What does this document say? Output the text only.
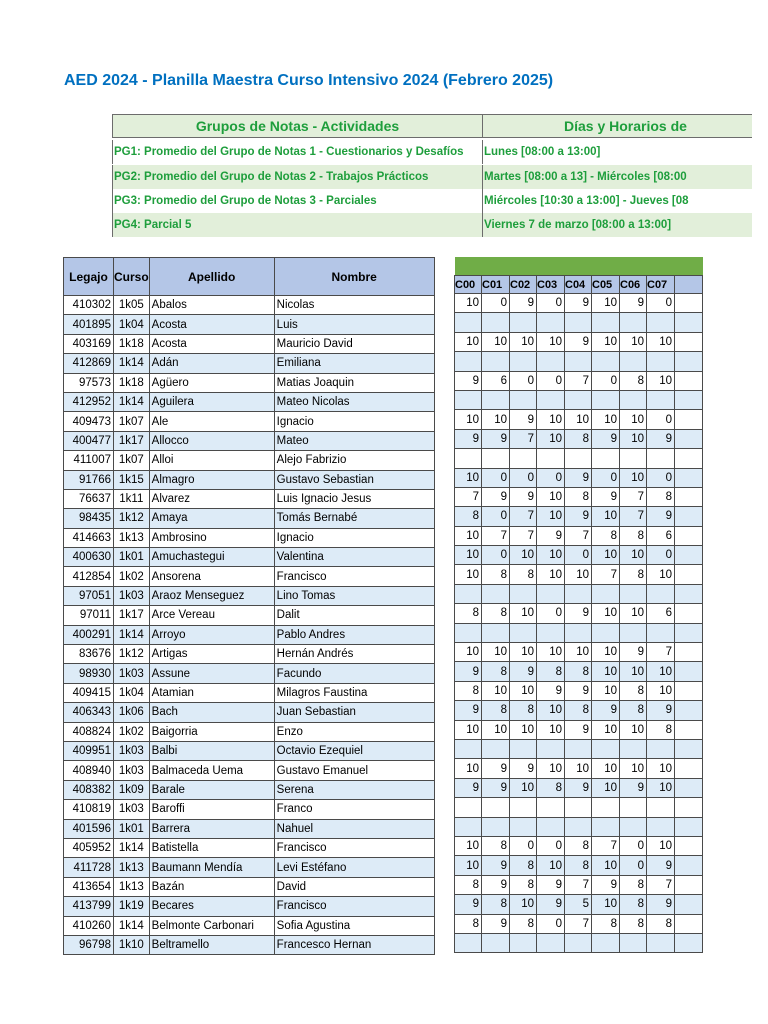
AED 2024 - Planilla Maestra Curso Intensivo 2024 (Febrero 2025)
Grupos de Notas - Actividades	Días y Horarios de
PG1: Promedio del Grupo de Notas 1 - Cuestionarios y Desafíos	Lunes [08:00 a 13:00]
PG2: Promedio del Grupo de Notas 2 - Trabajos Prácticos	Martes [08:00 a 13] - Miércoles [08:00
PG3: Promedio del Grupo de Notas 3 - Parciales	Miércoles [10:30 a 13:00] - Jueves [08
PG4: Parcial 5	Viernes 7 de marzo [08:00 a 13:00]
Legajo	Curso	Apellido	Nombre
410302	1k05	Abalos	Nicolas
401895	1k04	Acosta	Luis
403169	1k18	Acosta	Mauricio David
412869	1k14	Adán	Emiliana
97573	1k18	Agüero	Matias Joaquin
412952	1k14	Aguilera	Mateo Nicolas
409473	1k07	Ale	Ignacio
400477	1k17	Allocco	Mateo
411007	1k07	Alloi	Alejo Fabrizio
91766	1k15	Almagro	Gustavo Sebastian
76637	1k11	Alvarez	Luis Ignacio Jesus
98435	1k12	Amaya	Tomás Bernabé
414663	1k13	Ambrosino	Ignacio
400630	1k01	Amuchastegui	Valentina
412854	1k02	Ansorena	Francisco
97051	1k03	Araoz Menseguez	Lino Tomas
97011	1k17	Arce Vereau	Dalit
400291	1k14	Arroyo	Pablo Andres
83676	1k12	Artigas	Hernán Andrés
98930	1k03	Assune	Facundo
409415	1k04	Atamian	Milagros Faustina
406343	1k06	Bach	Juan Sebastian
408824	1k02	Baigorria	Enzo
409951	1k03	Balbi	Octavio Ezequiel
408940	1k03	Balmaceda Uema	Gustavo Emanuel
408382	1k09	Barale	Serena
410819	1k03	Baroffi	Franco
401596	1k01	Barrera	Nahuel
405952	1k14	Batistella	Francisco
411728	1k13	Baumann Mendía	Levi Estéfano
413654	1k13	Bazán	David
413799	1k19	Becares	Francisco
410260	1k14	Belmonte Carbonari	Sofia Agustina
96798	1k10	Beltramello	Francesco Hernan

C00	C01	C02	C03	C04	C05	C06	C07	
10	0	9	0	9	10	9	0	

10	10	10	10	9	10	10	10	

9	6	0	0	7	0	8	10	

10	10	9	10	10	10	10	0	
9	9	7	10	8	9	10	9	

10	0	0	0	9	0	10	0	
7	9	9	10	8	9	7	8	
8	0	7	10	9	10	7	9	
10	7	7	9	7	8	8	6	
10	0	10	10	0	10	10	0	
10	8	8	10	10	7	8	10	

8	8	10	0	9	10	10	6	

10	10	10	10	10	10	9	7	
9	8	9	8	8	10	10	10	
8	10	10	9	9	10	8	10	
9	8	8	10	8	9	8	9	
10	10	10	10	9	10	10	8	

10	9	9	10	10	10	10	10	
9	9	10	8	9	10	9	10	

10	8	0	0	8	7	0	10	
10	9	8	10	8	10	0	9	
8	9	8	9	7	9	8	7	
9	8	10	9	5	10	8	9	
8	9	8	0	7	8	8	8	
